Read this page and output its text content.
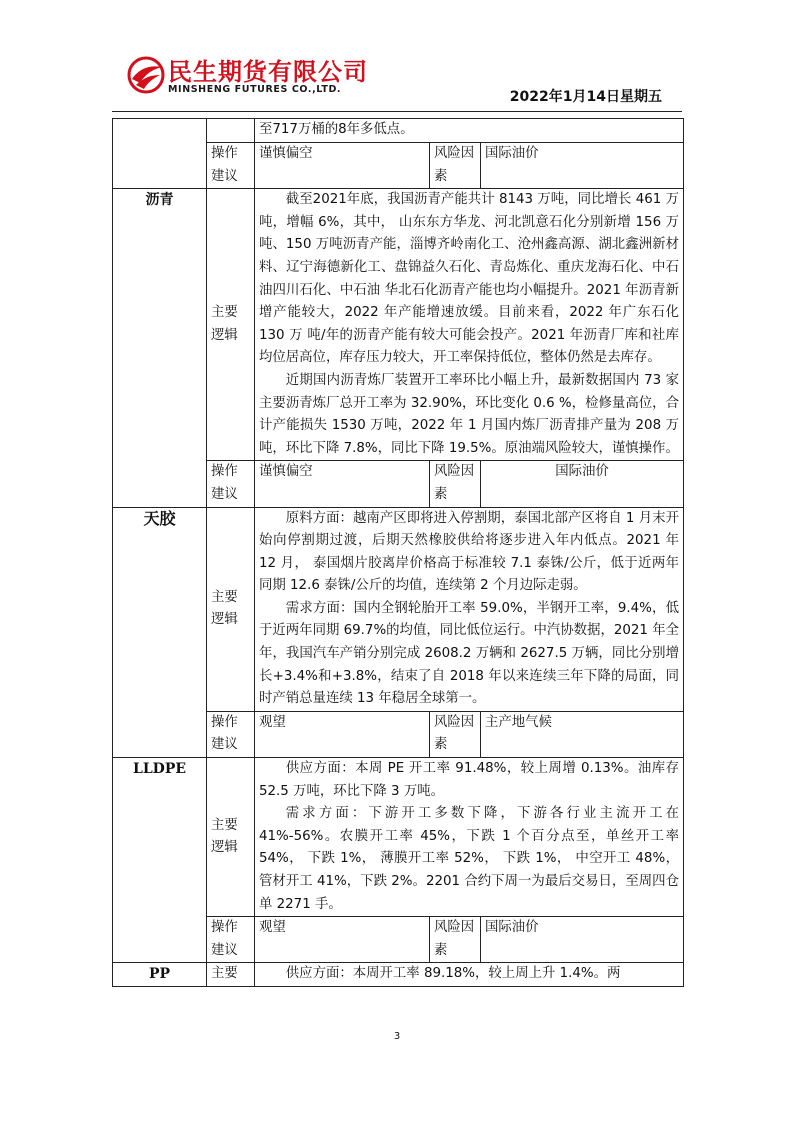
民生期货有限公司
MINSHENG FUTURES CO.,LTD.	2022年1月14日星期五
		至717万桶的8年多低点。		
	操作建议	谨慎偏空	风险因素	国际油价
沥青	主要逻辑	截至2021年底，我国沥青产能共计 8143 万吨，同比增长 461 万吨，增幅 6%，其中， 山东东方华龙、河北凯意石化分别新增 156 万吨、150 万吨沥青产能，淄博齐岭南化工、沧州鑫高源、湖北鑫洲新材料、辽宁海德新化工、盘锦益久石化、青岛炼化、重庆龙海石化、中石油四川石化、中石油 华北石化沥青产能也均小幅提升。2021 年沥青新增产能较大，2022 年产能增速放缓。目前来看，2022 年广东石化 130 万 吨/年的沥青产能有较大可能会投产。2021 年沥青厂库和社库均位居高位，库存压力较大，开工率保持低位，整体仍然是去库存。

近期国内沥青炼厂装置开工率环比小幅上升，最新数据国内 73 家 主要沥青炼厂总开工率为 32.90%，环比变化 0.6 %，检修量高位，合计产能损失 1530 万吨，2022 年 1 月国内炼厂沥青排产量为 208 万吨，环比下降 7.8%，同比下降 19.5%。原油端风险较大，谨慎操作。		

	操作建议	谨慎偏空	风险因素	国际油价
天胶	主要逻辑	原料方面：越南产区即将进入停割期，泰国北部产区将自 1 月末开始向停割期过渡，后期天然橡胶供给将逐步进入年内低点。2021 年 12 月， 泰国烟片胶离岸价格高于标准较 7.1 泰铢/公斤，低于近两年同期 12.6 泰铢/公斤的均值，连续第 2 个月边际走弱。

需求方面：国内全钢轮胎开工率 59.0%，半钢开工率，9.4%，低于近两年同期 69.7%的均值，同比低位运行。中汽协数据，2021 年全年，我国汽车产销分别完成 2608.2 万辆和 2627.5 万辆，同比分别增长+3.4%和+3.8%，结束了自 2018 年以来连续三年下降的局面，同时产销总量连续 13 年稳居全球第一。		

	操作建议	观望	风险因素	主产地气候
LLDPE	主要逻辑	供应方面：本周 PE 开工率 91.48%，较上周增 0.13%。油库存 52.5 万吨，环比下降 3 万吨。

需求方面：下游开工多数下降，下游各行业主流开工在 41%-56%。农膜开工率 45%，下跌 1 个百分点至，单丝开工率 54%， 下跌 1%， 薄膜开工率 52%， 下跌 1%， 中空开工 48%，管材开工 41%，下跌 2%。2201 合约下周一为最后交易日，至周四仓单 2271 手。		

	操作建议	观望	风险因素	国际油价
PP	主要	供应方面：本周开工率 89.18%，较上周上升 1.4%。两		

3
